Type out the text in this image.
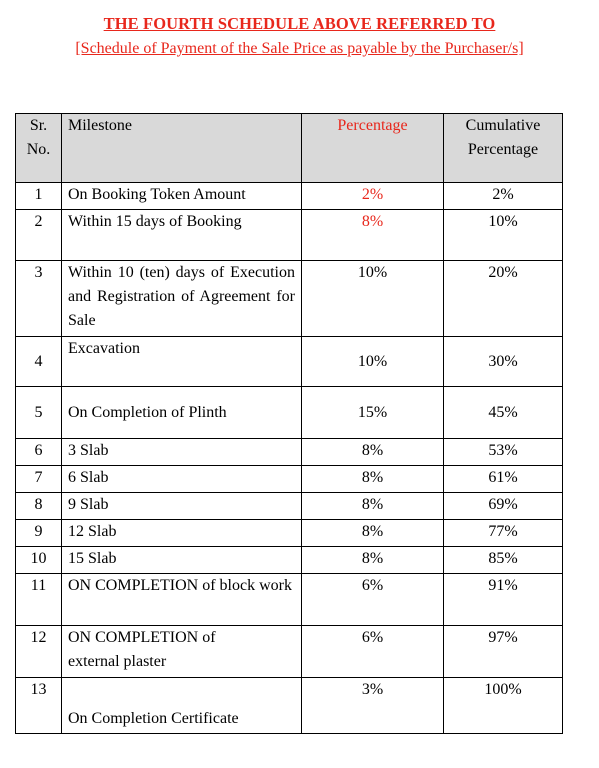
THE FOURTH SCHEDULE ABOVE REFERRED TO
[Schedule of Payment of the Sale Price as payable by the Purchaser/s]
Sr. No.	Milestone	Percentage	Cumulative Percentage
1	On Booking Token Amount	2%	2%
2	Within 15 days of Booking	8%	10%
3	Within 10 (ten) days of Execution and Registration of Agreement for Sale	10%	20%
4	Excavation	10%	30%
5	On Completion of Plinth	15%	45%
6	3 Slab	8%	53%
7	6 Slab	8%	61%
8	9 Slab	8%	69%
9	12 Slab	8%	77%
10	15 Slab	8%	85%
11	ON COMPLETION of block work	6%	91%
12	ON COMPLETION of external plaster	6%	97%
13	On Completion Certificate	3%	100%
